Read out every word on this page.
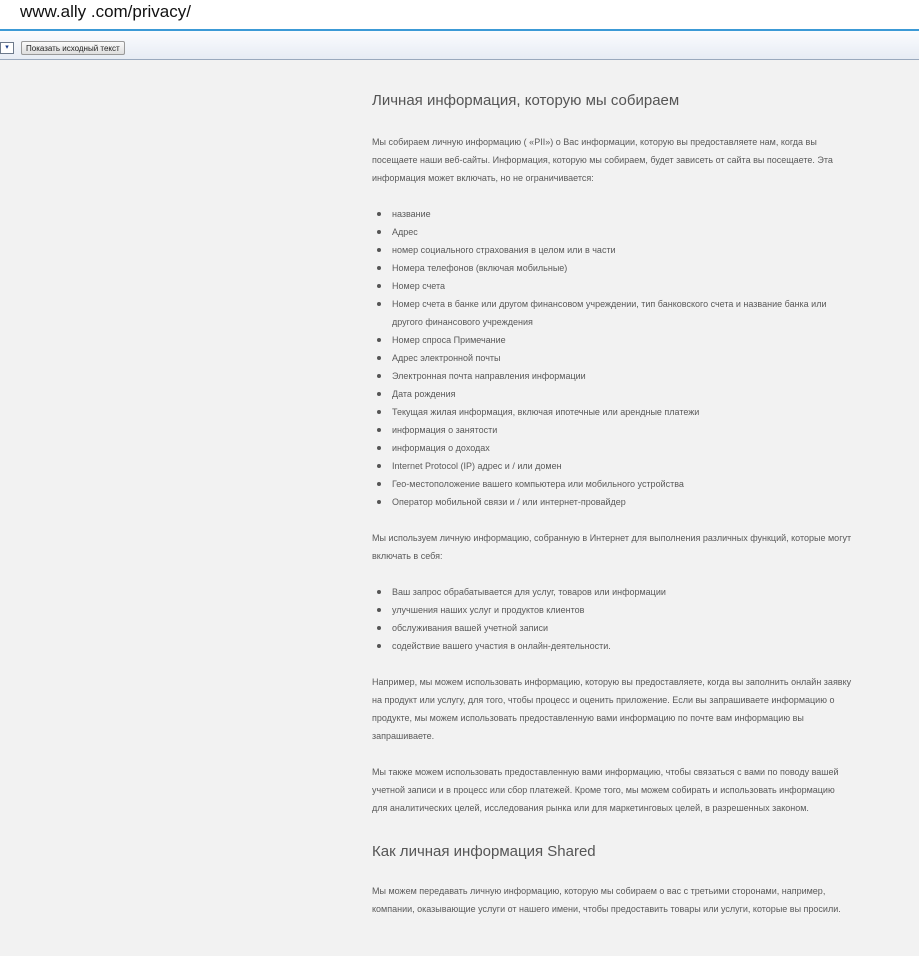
www.ally .com/privacy/
▾	Показать исходный текст
Личная информация, которую мы собираем

Мы собираем личную информацию ( «PII») о Вас информации, которую вы предоставляете нам, когда вы посещаете наши веб-сайты. Информация, которую мы собираем, будет зависеть от сайта вы посещаете. Эта информация может включать, но не ограничивается:

название
Адрес
номер социального страхования в целом или в части
Номера телефонов (включая мобильные)
Номер счета
Номер счета в банке или другом финансовом учреждении, тип банковского счета и название банка или другого финансового учреждения
Номер спроса Примечание
Адрес электронной почты
Электронная почта направления информации
Дата рождения
Текущая жилая информация, включая ипотечные или арендные платежи
информация о занятости
информация о доходах
Internet Protocol (IP) адрес и / или домен
Гео-местоположение вашего компьютера или мобильного устройства
Оператор мобильной связи и / или интернет-провайдер

Мы используем личную информацию, собранную в Интернет для выполнения различных функций, которые могут включать в себя:

Ваш запрос обрабатывается для услуг, товаров или информации
улучшения наших услуг и продуктов клиентов
обслуживания вашей учетной записи
содействие вашего участия в онлайн-деятельности.

Например, мы можем использовать информацию, которую вы предоставляете, когда вы заполнить онлайн заявку на продукт или услугу, для того, чтобы процесс и оценить приложение. Если вы запрашиваете информацию о продукте, мы можем использовать предоставленную вами информацию по почте вам информацию вы запрашиваете.

Мы также можем использовать предоставленную вами информацию, чтобы связаться с вами по поводу вашей учетной записи и в процесс или сбор платежей. Кроме того, мы можем собирать и использовать информацию для аналитических целей, исследования рынка или для маркетинговых целей, в разрешенных законом.

Как личная информация Shared

Мы можем передавать личную информацию, которую мы собираем о вас с третьими сторонами, например, компании, оказывающие услуги от нашего имени, чтобы предоставить товары или услуги, которые вы просили.
